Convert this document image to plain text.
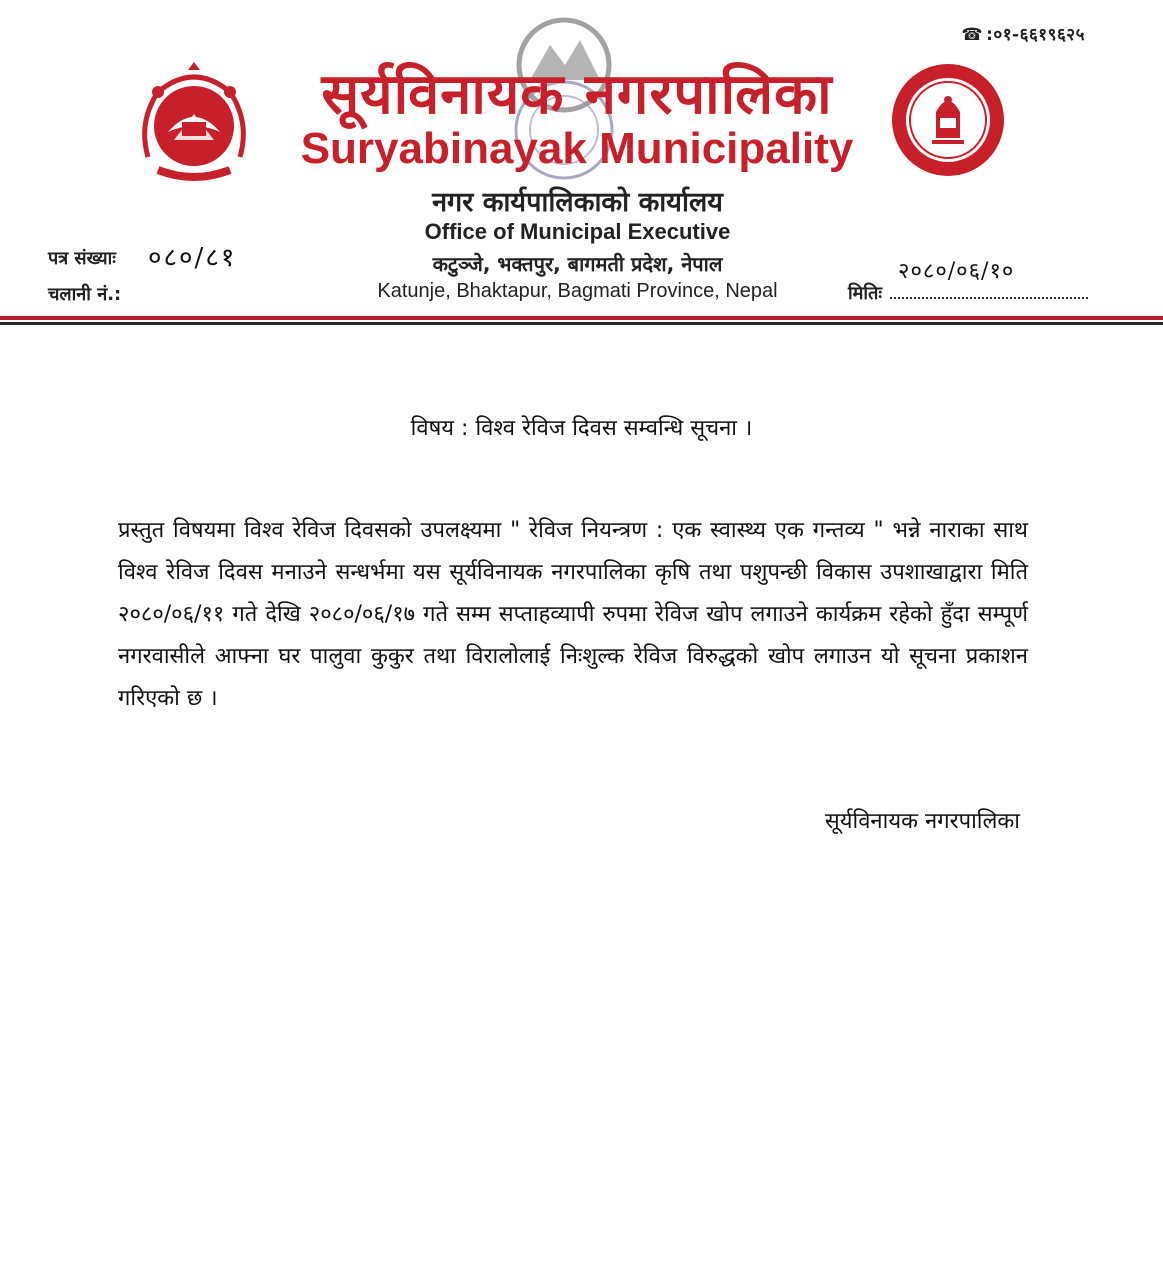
☎ :०१-६६१९६२५
सूर्यविनायक नगरपालिका
Suryabinayak Municipality
नगर कार्यपालिकाको कार्यालय
Office of Municipal Executive
कटुञ्जे, भक्तपुर, बागमती प्रदेश, नेपाल
Katunje, Bhaktapur, Bagmati Province, Nepal
पत्र संख्याः ०८०/८१
चलानी नं.:
२०८०/०६/१०
मितिः
विषय : विश्व रेविज दिवस सम्वन्धि सूचना ।
प्रस्तुत विषयमा विश्व रेविज दिवसको उपलक्ष्यमा " रेविज नियन्त्रण : एक स्वास्थ्य एक गन्तव्य " भन्ने नाराका साथ विश्व रेविज दिवस मनाउने सन्धर्भमा यस सूर्यविनायक नगरपालिका कृषि तथा पशुपन्छी विकास उपशाखाद्वारा मिति २०८०/०६/११ गते देखि २०८०/०६/१७ गते सम्म सप्ताहव्यापी रुपमा रेविज खोप लगाउने कार्यक्रम रहेको हुँदा सम्पूर्ण नगरवासीले आफ्ना घर पालुवा कुकुर तथा विरालोलाई निःशुल्क रेविज विरुद्धको खोप लगाउन यो सूचना प्रकाशन गरिएको छ ।
सूर्यविनायक नगरपालिका
